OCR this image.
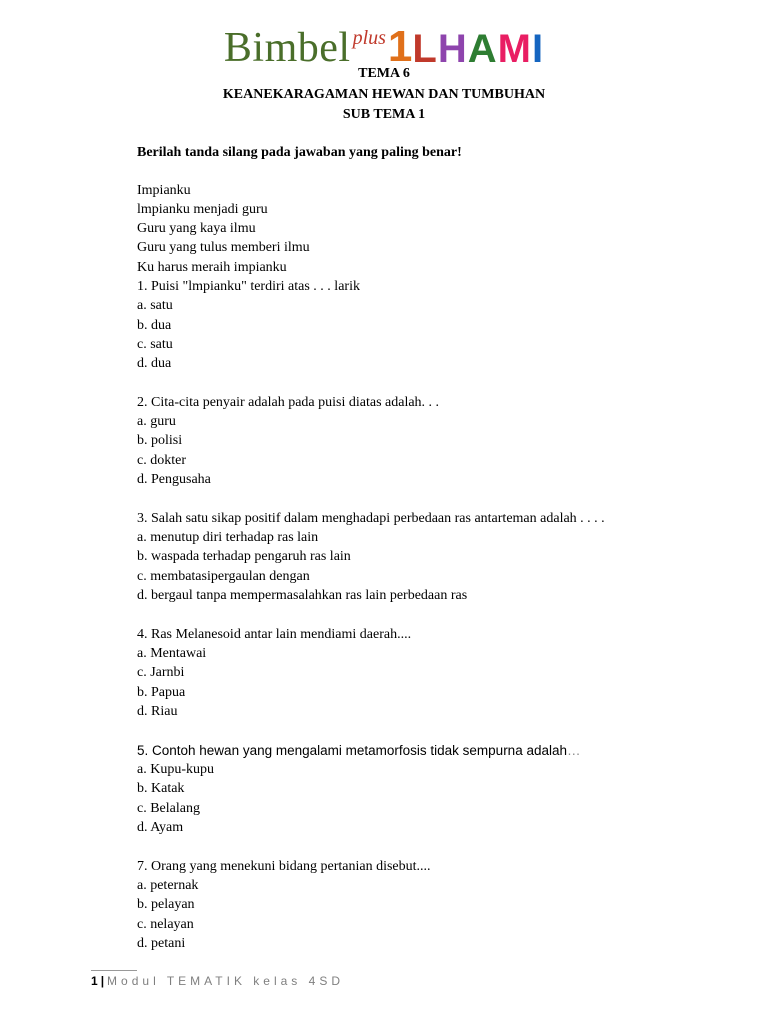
Bimbel plus1LHAMI
TEMA 6
KEANEKARAGAMAN HEWAN DAN TUMBUHAN
SUB TEMA 1
Berilah tanda silang pada jawaban yang paling benar!
Impianku
lmpianku menjadi guru
Guru yang kaya ilmu
Guru yang tulus memberi ilmu
Ku harus meraih impianku
1. Puisi "lmpianku" terdiri atas . . . larik
a. satu
b. dua
c. satu
d. dua
2. Cita-cita penyair adalah pada puisi diatas adalah. . .
a. guru
b. polisi
c. dokter
d. Pengusaha
3. Salah satu sikap positif dalam menghadapi perbedaan ras antarteman adalah . . . .
a. menutup diri terhadap ras lain
b. waspada terhadap pengaruh ras lain
c. membatasipergaulan dengan
d. bergaul tanpa mempermasalahkan ras lain perbedaan ras
4. Ras Melanesoid antar lain mendiami daerah....
a. Mentawai
c. Jarnbi
b. Papua
d. Riau
5. Contoh hewan yang mengalami metamorfosis tidak sempurna adalah…
a. Kupu-kupu
b. Katak
c. Belalang
d. Ayam
7. Orang yang menekuni bidang pertanian disebut....
a. peternak
b. pelayan
c. nelayan
d. petani
1 | Modul TEMATIK kelas 4SD
